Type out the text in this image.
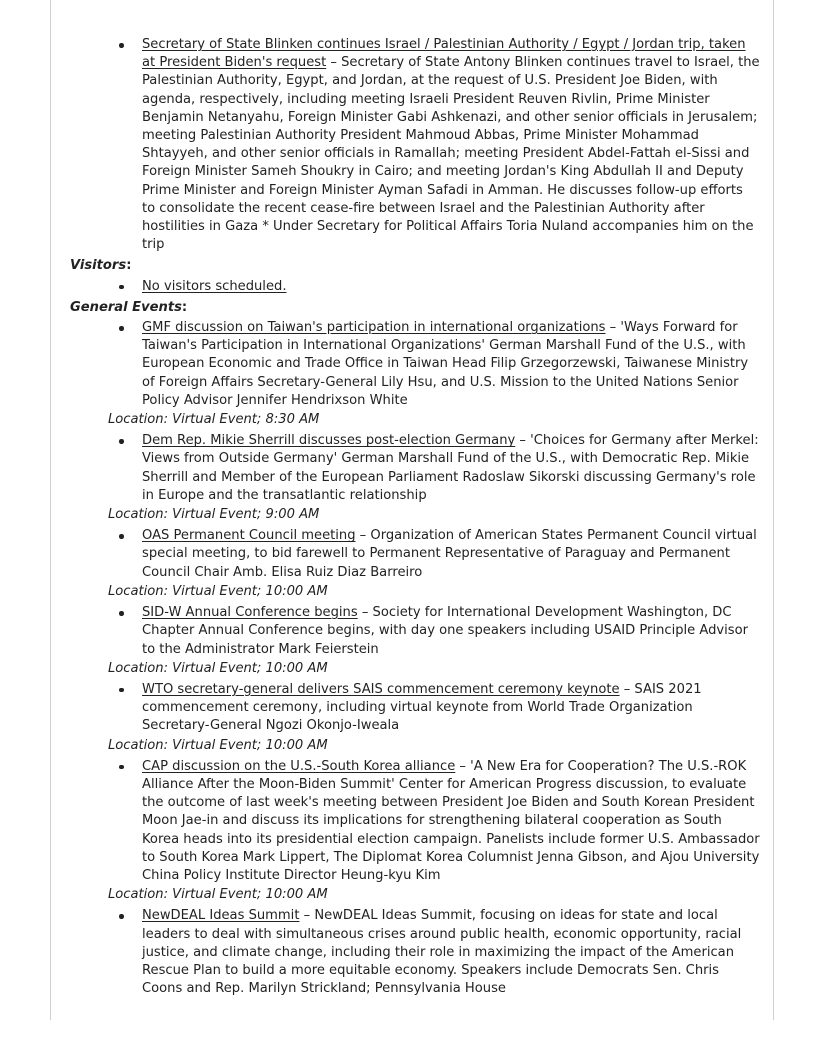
Secretary of State Blinken continues Israel / Palestinian Authority / Egypt / Jordan trip, taken at President Biden's request – Secretary of State Antony Blinken continues travel to Israel, the Palestinian Authority, Egypt, and Jordan, at the request of U.S. President Joe Biden, with agenda, respectively, including meeting Israeli President Reuven Rivlin, Prime Minister Benjamin Netanyahu, Foreign Minister Gabi Ashkenazi, and other senior officials in Jerusalem; meeting Palestinian Authority President Mahmoud Abbas, Prime Minister Mohammad Shtayyeh, and other senior officials in Ramallah; meeting President Abdel-Fattah el-Sissi and Foreign Minister Sameh Shoukry in Cairo; and meeting Jordan's King Abdullah II and Deputy Prime Minister and Foreign Minister Ayman Safadi in Amman. He discusses follow-up efforts to consolidate the recent cease-fire between Israel and the Palestinian Authority after hostilities in Gaza * Under Secretary for Political Affairs Toria Nuland accompanies him on the trip
Visitors:
No visitors scheduled.
General Events:
GMF discussion on Taiwan's participation in international organizations – 'Ways Forward for Taiwan's Participation in International Organizations' German Marshall Fund of the U.S., with European Economic and Trade Office in Taiwan Head Filip Grzegorzewski, Taiwanese Ministry of Foreign Affairs Secretary-General Lily Hsu, and U.S. Mission to the United Nations Senior Policy Advisor Jennifer Hendrixson White
Location: Virtual Event; 8:30 AM
Dem Rep. Mikie Sherrill discusses post-election Germany – 'Choices for Germany after Merkel: Views from Outside Germany' German Marshall Fund of the U.S., with Democratic Rep. Mikie Sherrill and Member of the European Parliament Radoslaw Sikorski discussing Germany's role in Europe and the transatlantic relationship
Location: Virtual Event; 9:00 AM
OAS Permanent Council meeting – Organization of American States Permanent Council virtual special meeting, to bid farewell to Permanent Representative of Paraguay and Permanent Council Chair Amb. Elisa Ruiz Diaz Barreiro
Location: Virtual Event; 10:00 AM
SID-W Annual Conference begins – Society for International Development Washington, DC Chapter Annual Conference begins, with day one speakers including USAID Principle Advisor to the Administrator Mark Feierstein
Location: Virtual Event; 10:00 AM
WTO secretary-general delivers SAIS commencement ceremony keynote – SAIS 2021 commencement ceremony, including virtual keynote from World Trade Organization Secretary-General Ngozi Okonjo-Iweala
Location: Virtual Event; 10:00 AM
CAP discussion on the U.S.-South Korea alliance – 'A New Era for Cooperation? The U.S.-ROK Alliance After the Moon-Biden Summit' Center for American Progress discussion, to evaluate the outcome of last week's meeting between President Joe Biden and South Korean President Moon Jae-in and discuss its implications for strengthening bilateral cooperation as South Korea heads into its presidential election campaign. Panelists include former U.S. Ambassador to South Korea Mark Lippert, The Diplomat Korea Columnist Jenna Gibson, and Ajou University China Policy Institute Director Heung-kyu Kim
Location: Virtual Event; 10:00 AM
NewDEAL Ideas Summit – NewDEAL Ideas Summit, focusing on ideas for state and local leaders to deal with simultaneous crises around public health, economic opportunity, racial justice, and climate change, including their role in maximizing the impact of the American Rescue Plan to build a more equitable economy. Speakers include Democrats Sen. Chris Coons and Rep. Marilyn Strickland; Pennsylvania House
